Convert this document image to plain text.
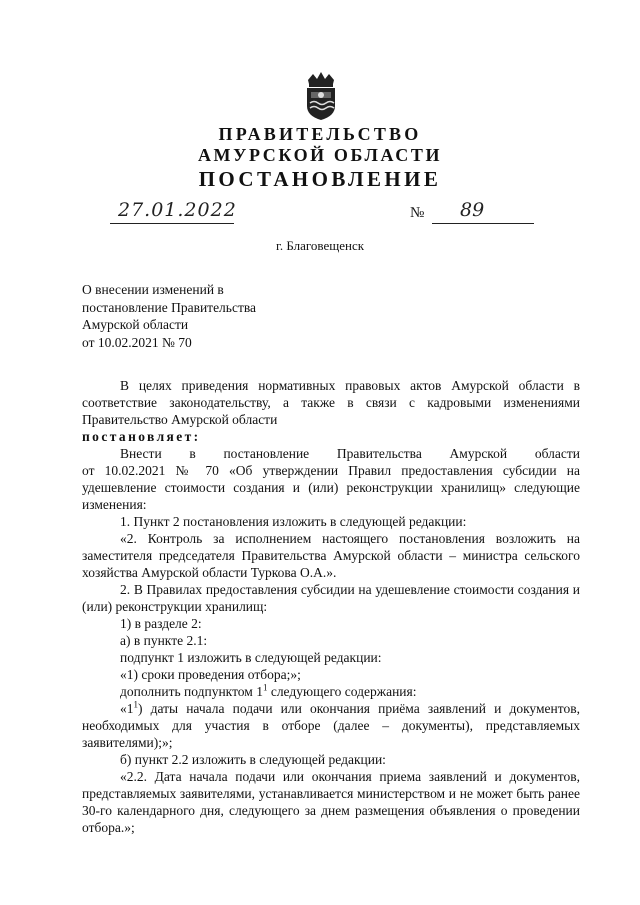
ПРАВИТЕЛЬСТВО
АМУРСКОЙ ОБЛАСТИ
ПОСТАНОВЛЕНИЕ
27.01.2022	№ 89
г. Благовещенск
О внесении изменений в
постановление Правительства
Амурской области
от 10.02.2021 № 70

В целях приведения нормативных правовых актов Амурской области в соответствие законодательству, а также в связи с кадровыми изменениями Правительство Амурской области

постановляет:

Внести в постановление Правительства Амурской области

от 10.02.2021 № 70 «Об утверждении Правил предоставления субсидии на удешевление стоимости создания и (или) реконструкции хранилищ» следующие изменения:

1. Пункт 2 постановления изложить в следующей редакции:

«2. Контроль за исполнением настоящего постановления возложить на заместителя председателя Правительства Амурской области – министра сельского хозяйства Амурской области Туркова О.А.».

2. В Правилах предоставления субсидии на удешевление стоимости создания и (или) реконструкции хранилищ:

1) в разделе 2:

а) в пункте 2.1:

подпункт 1 изложить в следующей редакции:

«1) сроки проведения отбора;»;

дополнить подпунктом $1^1$ следующего содержания:

«$1^1$) даты начала подачи или окончания приёма заявлений и документов, необходимых для участия в отборе (далее – документы), представляемых заявителями);»;

б) пункт 2.2 изложить в следующей редакции:

«2.2. Дата начала подачи или окончания приема заявлений и документов, представляемых заявителями, устанавливается министерством и не может быть ранее 30-го календарного дня, следующего за днем размещения объявления о проведении отбора.»;
